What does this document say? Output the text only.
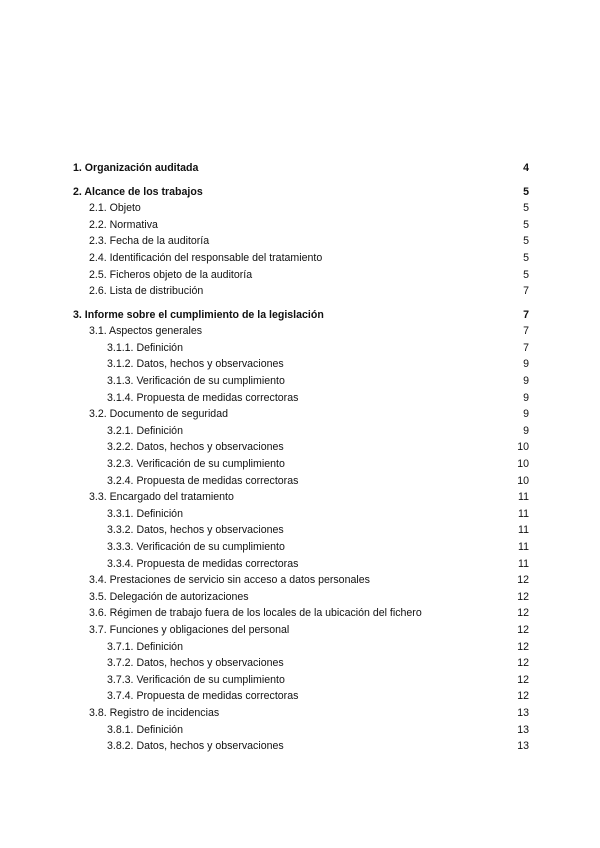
1. Organización auditada	4
2. Alcance de los trabajos	5
2.1. Objeto	5
2.2. Normativa	5
2.3. Fecha de la auditoría	5
2.4. Identificación del responsable del tratamiento	5
2.5. Ficheros objeto de la auditoría	5
2.6. Lista de distribución	7
3. Informe sobre el cumplimiento de la legislación	7
3.1. Aspectos generales	7
3.1.1. Definición	7
3.1.2. Datos, hechos y observaciones	9
3.1.3. Verificación de su cumplimiento	9
3.1.4. Propuesta de medidas correctoras	9
3.2. Documento de seguridad	9
3.2.1. Definición	9
3.2.2. Datos, hechos y observaciones	10
3.2.3. Verificación de su cumplimiento	10
3.2.4. Propuesta de medidas correctoras	10
3.3. Encargado del tratamiento	11
3.3.1. Definición	11
3.3.2. Datos, hechos y observaciones	11
3.3.3. Verificación de su cumplimiento	11
3.3.4. Propuesta de medidas correctoras	11
3.4. Prestaciones de servicio sin acceso a datos personales	12
3.5. Delegación de autorizaciones	12
3.6. Régimen de trabajo fuera de los locales de la ubicación del fichero	12
3.7. Funciones y obligaciones del personal	12
3.7.1. Definición	12
3.7.2. Datos, hechos y observaciones	12
3.7.3. Verificación de su cumplimiento	12
3.7.4. Propuesta de medidas correctoras	12
3.8. Registro de incidencias	13
3.8.1. Definición	13
3.8.2. Datos, hechos y observaciones	13
